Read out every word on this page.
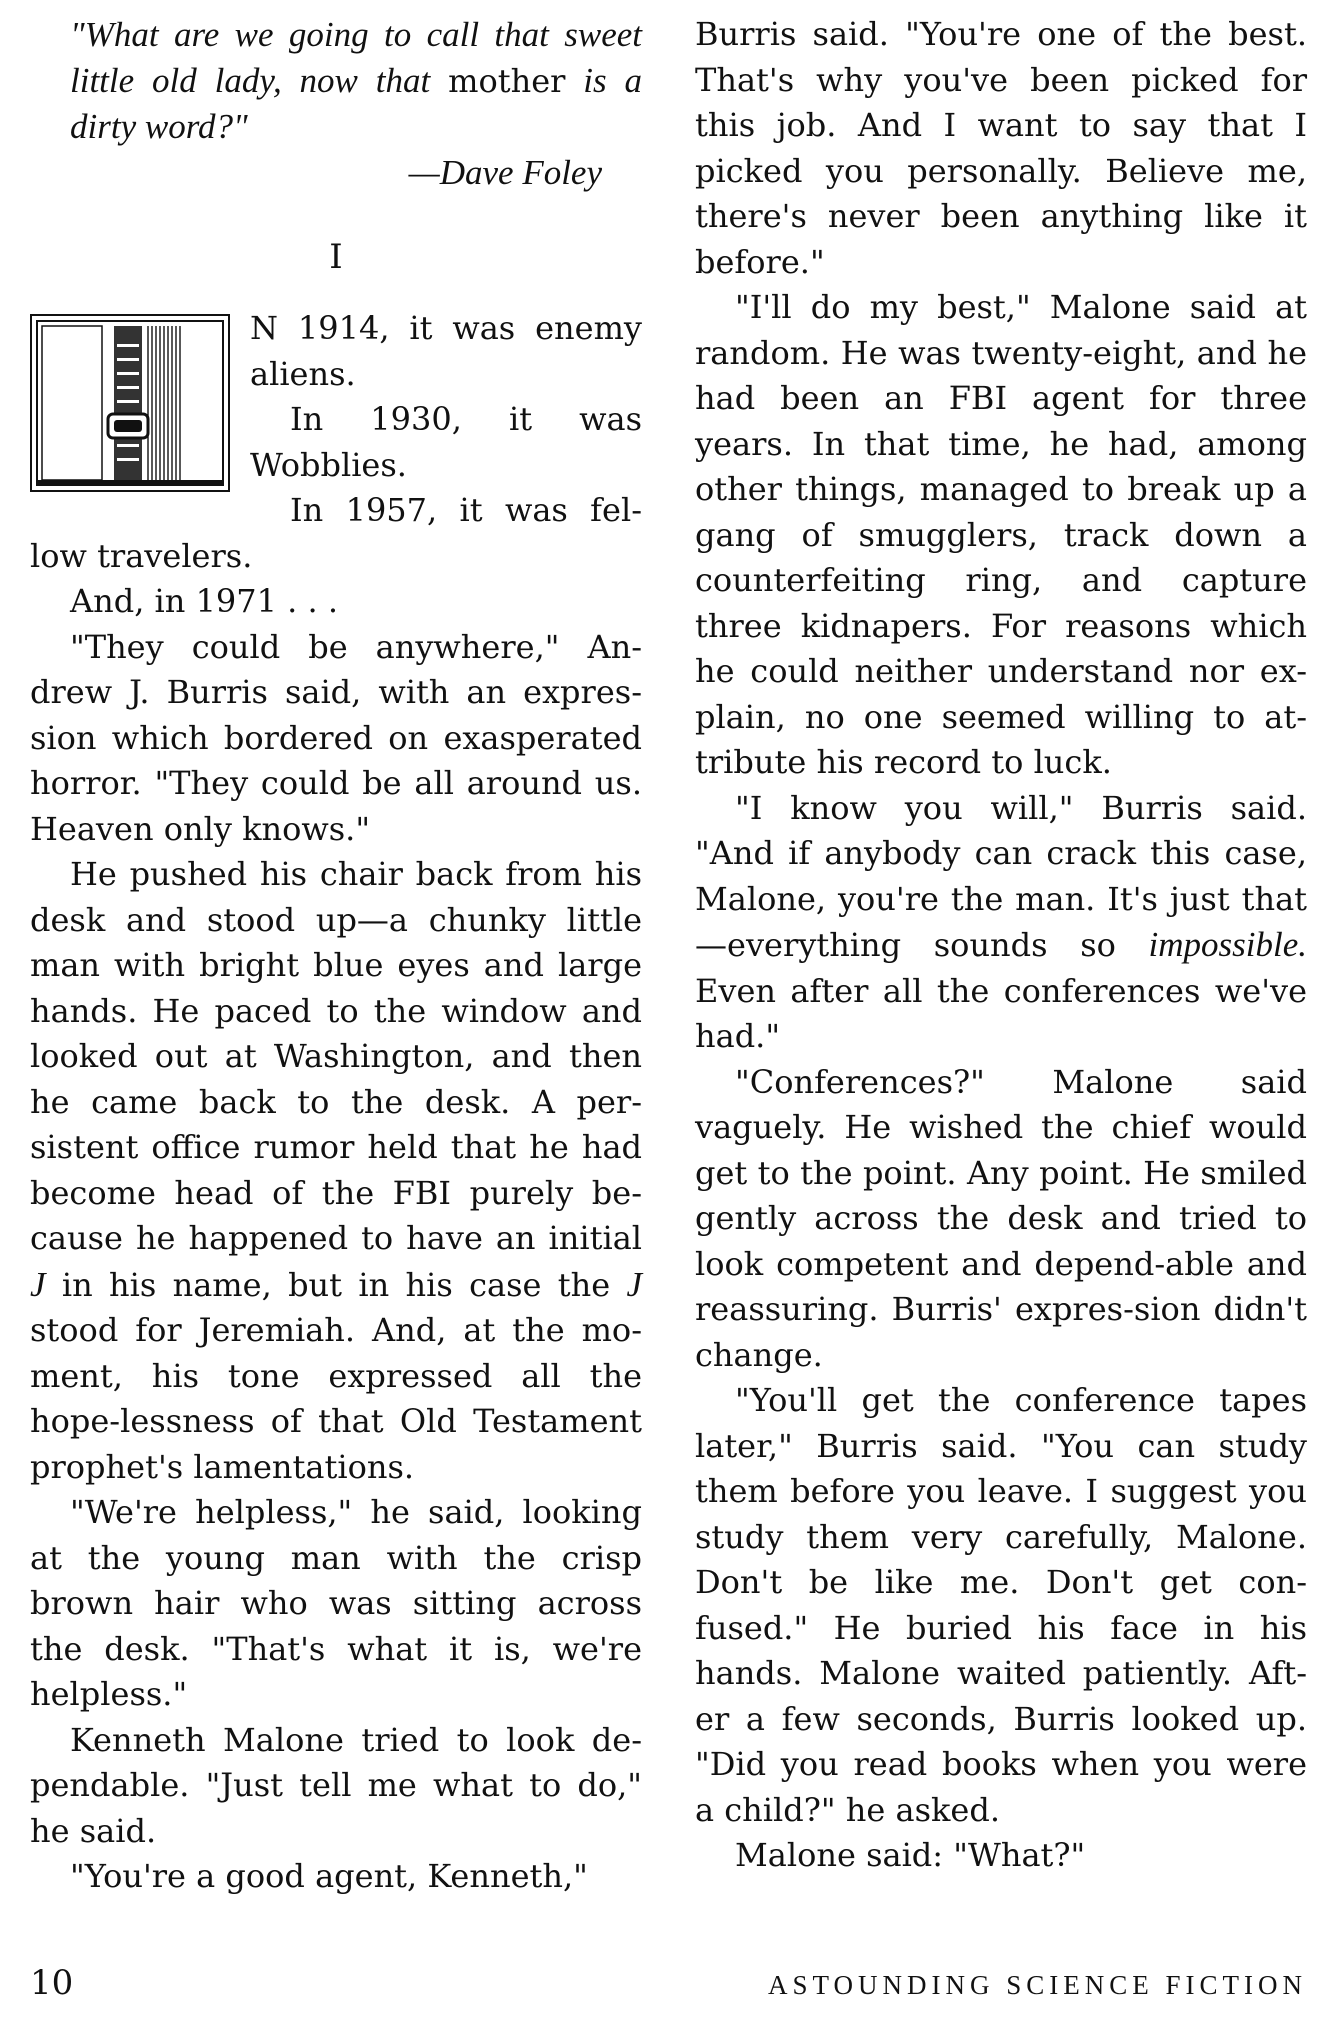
"What are we going to call that sweet little old lady, now that mother is a dirty word?"

—Dave Foley

I

N 1914, it was enemy aliens.

In 1930, it was Wobblies.

In 1957, it was fel-low travelers.

And, in 1971 . . .

"They could be anywhere," An-drew J. Burris said, with an expres-sion which bordered on exasperated horror. "They could be all around us. Heaven only knows."

He pushed his chair back from his desk and stood up—a chunky little man with bright blue eyes and large hands. He paced to the window and looked out at Washington, and then he came back to the desk. A per-sistent office rumor held that he had become head of the FBI purely be-cause he happened to have an initial J in his name, but in his case the J stood for Jeremiah. And, at the mo-ment, his tone expressed all the hope-lessness of that Old Testament prophet's lamentations.

"We're helpless," he said, looking at the young man with the crisp brown hair who was sitting across the desk. "That's what it is, we're helpless."

Kenneth Malone tried to look de-pendable. "Just tell me what to do," he said.

"You're a good agent, Kenneth,"

Burris said. "You're one of the best. That's why you've been picked for this job. And I want to say that I picked you personally. Believe me, there's never been anything like it before."

"I'll do my best," Malone said at random. He was twenty-eight, and he had been an FBI agent for three years. In that time, he had, among other things, managed to break up a gang of smugglers, track down a counterfeiting ring, and capture three kidnapers. For reasons which he could neither understand nor ex-plain, no one seemed willing to at-tribute his record to luck.

"I know you will," Burris said. "And if anybody can crack this case, Malone, you're the man. It's just that —everything sounds so impossible. Even after all the conferences we've had."

"Conferences?" Malone said vaguely. He wished the chief would get to the point. Any point. He smiled gently across the desk and tried to look competent and depend-able and reassuring. Burris' expres-sion didn't change.

"You'll get the conference tapes later," Burris said. "You can study them before you leave. I suggest you study them very carefully, Malone. Don't be like me. Don't get con-fused." He buried his face in his hands. Malone waited patiently. Aft-er a few seconds, Burris looked up. "Did you read books when you were a child?" he asked.

Malone said: "What?"

10	ASTOUNDING SCIENCE FICTION
